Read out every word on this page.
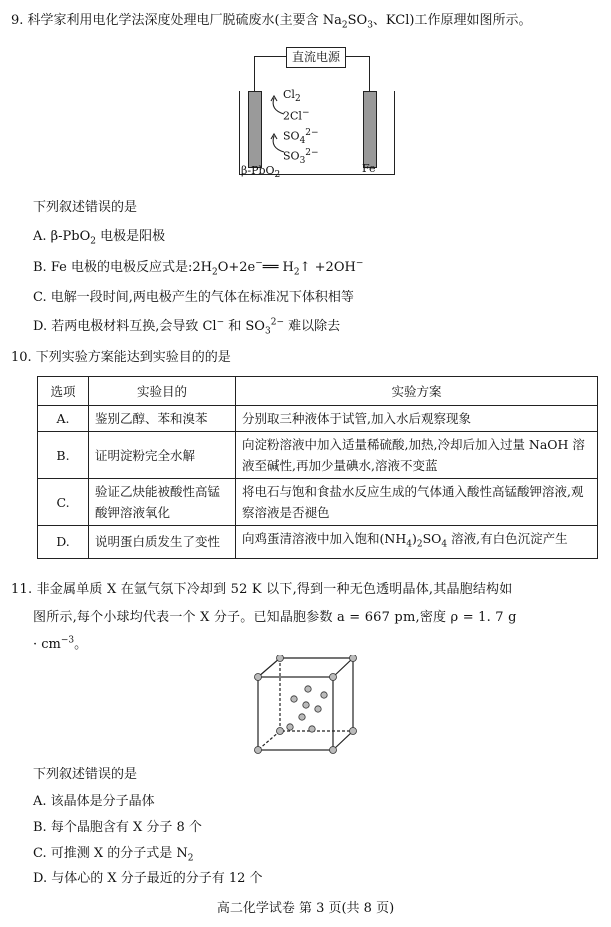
9. 科学家利用电化学法深度处理电厂脱硫废水(主要含 $Na_2SO_3$、KCl)工作原理如图所示。
直流电源
$Cl_2$
2Cl−
$SO_4^{2-}$
$SO_3^{2-}$
β-PbO$_2$
Fe
下列叙述错误的是
A. β-PbO$_2$ 电极是阳极
B. Fe 电极的电极反应式是$:2H_2O+2e^-══$ $H_2↑ +2OH^-$
C. 电解一段时间,两电极产生的气体在标准况下体积相等
D. 若两电极材料互换,会导致 Cl− 和 $SO_3^{2-}$ 难以除去
10. 下列实验方案能达到实验目的的是
选项	实验目的	实验方案
A.	鉴别乙醇、苯和溴苯	分别取三种液体于试管,加入水后观察现象
B.	证明淀粉完全水解	向淀粉溶液中加入适量稀硫酸,加热,冷却后加入过量 NaOH 溶液至碱性,再加少量碘水,溶液不变蓝
C.	验证乙炔能被酸性高锰酸钾溶液氧化	将电石与饱和食盐水反应生成的气体通入酸性高锰酸钾溶液,观察溶液是否褪色
D.	说明蛋白质发生了变性	向鸡蛋清溶液中加入饱和$(NH_4)_2SO_4$ 溶液,有白色沉淀产生
11. 非金属单质 X 在氩气氛下冷却到 52 K 以下,得到一种无色透明晶体,其晶胞结构如
图所示,每个小球均代表一个 X 分子。已知晶胞参数 a = 667 pm,密度 ρ = 1. 7 g
· $cm^{-3}$。
下列叙述错误的是
A. 该晶体是分子晶体
B. 每个晶胞含有 X 分子 8 个
C. 可推测 X 的分子式是 $N_2$
D. 与体心的 X 分子最近的分子有 12 个
高二化学试卷 第 3 页(共 8 页)
